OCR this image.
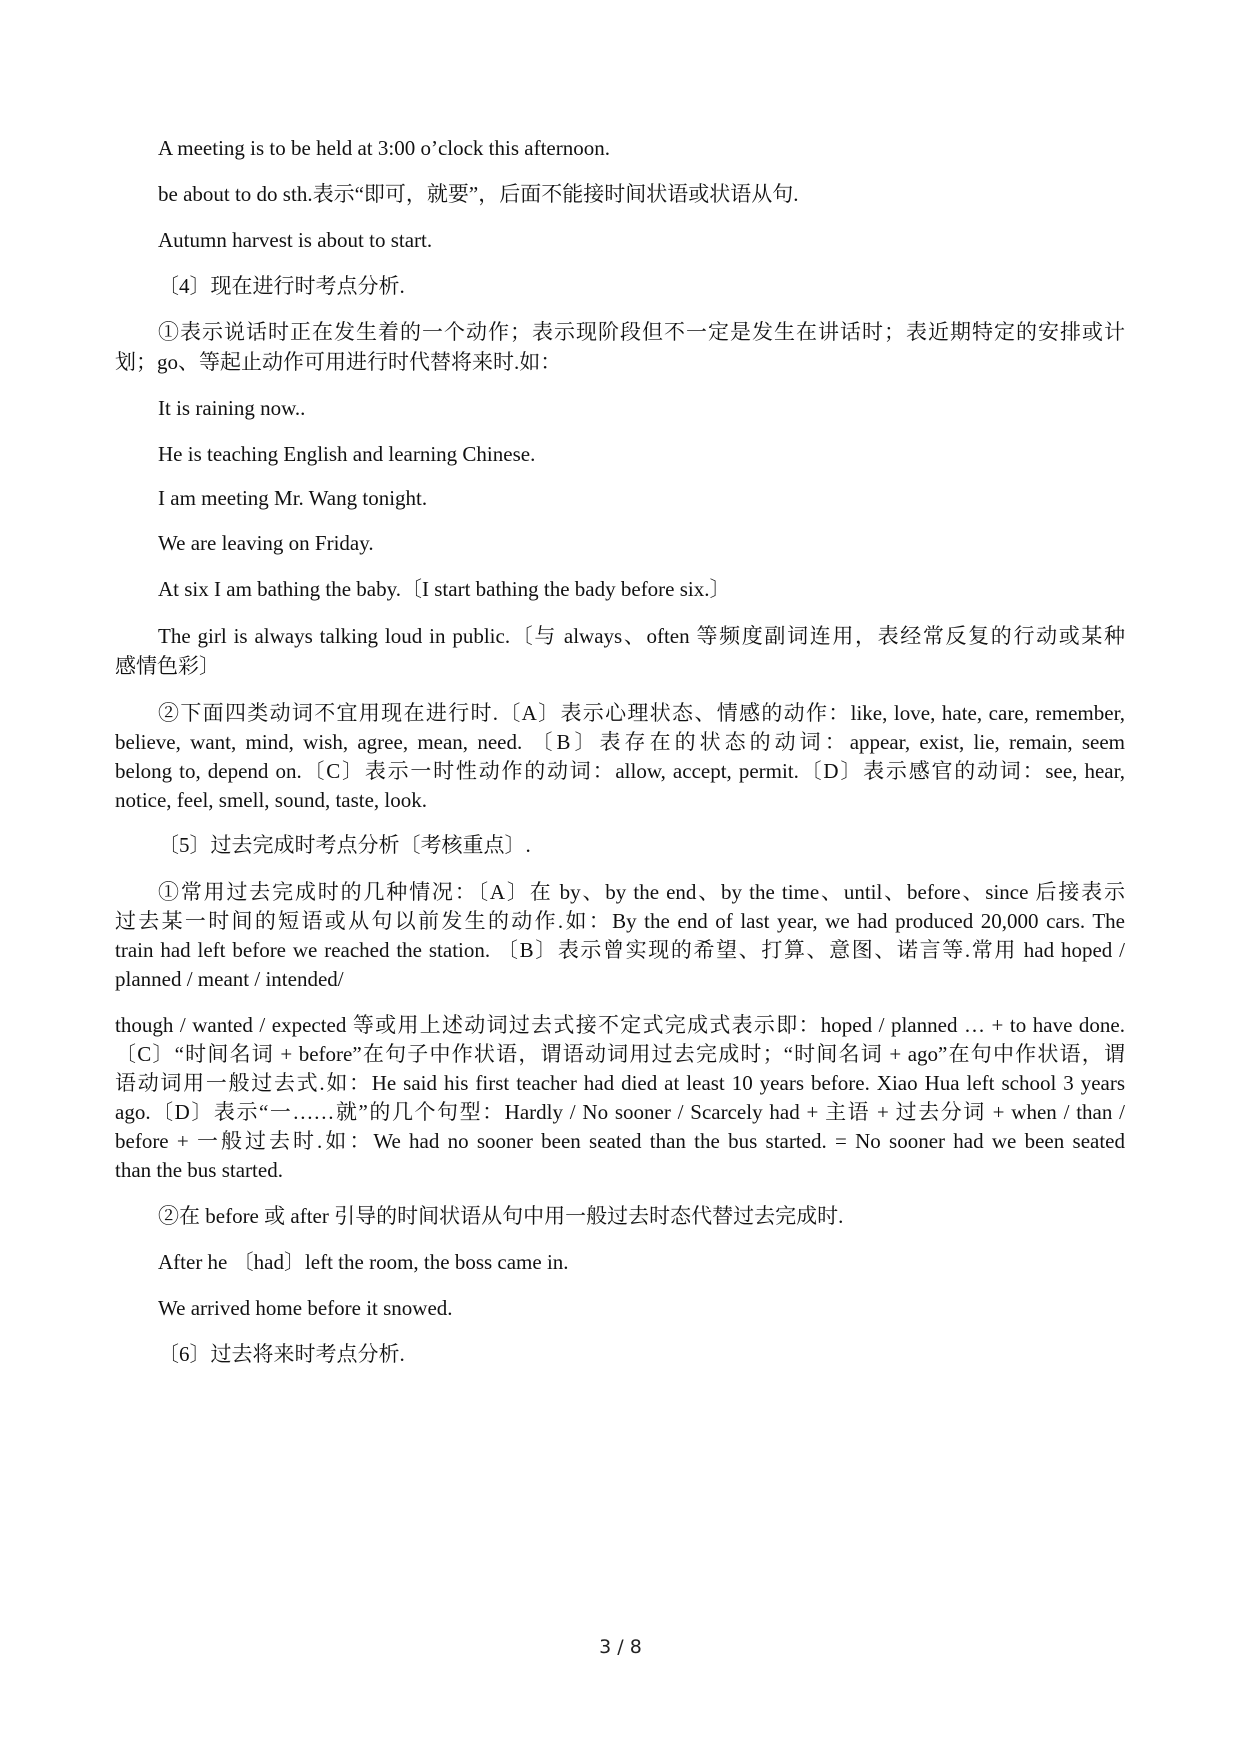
A meeting is to be held at 3:00 o’clock this afternoon.
be about to do sth.表示“即可，就要”，后面不能接时间状语或状语从句.
Autumn harvest is about to start.
〔4〕现在进行时考点分析.
①表示说话时正在发生着的一个动作；表示现阶段但不一定是发生在讲话时；表近期特定的安排或计
划；go、等起止动作可用进行时代替将来时.如：
It is raining now..
He is teaching English and learning Chinese.
I am meeting Mr. Wang tonight.
We are leaving on Friday.
At six I am bathing the baby.〔I start bathing the bady before six.〕
The girl is always talking loud in public.〔与 always、often 等频度副词连用，表经常反复的行动或某种
感情色彩〕
②下面四类动词不宜用现在进行时.〔A〕表示心理状态、情感的动作：like, love, hate, care, remember,
believe, want, mind, wish, agree, mean, need. 〔B〕表存在的状态的动词：appear, exist, lie, remain, seem
belong to, depend on.〔C〕表示一时性动作的动词：allow, accept, permit.〔D〕表示感官的动词：see, hear,
notice, feel, smell, sound, taste, look.
〔5〕过去完成时考点分析〔考核重点〕.
①常用过去完成时的几种情况：〔A〕在 by、by the end、by the time、until、before、since 后接表示
过去某一时间的短语或从句以前发生的动作.如：By the end of last year, we had produced 20,000 cars. The
train had left before we reached the station. 〔B〕表示曾实现的希望、打算、意图、诺言等.常用 had hoped /
planned / meant / intended/
though / wanted / expected 等或用上述动词过去式接不定式完成式表示即：hoped / planned … + to have done.
〔C〕“时间名词 + before”在句子中作状语，谓语动词用过去完成时；“时间名词 + ago”在句中作状语，谓
语动词用一般过去式.如：He said his first teacher had died at least 10 years before. Xiao Hua left school 3 years
ago.〔D〕表示“一……就”的几个句型：Hardly / No sooner / Scarcely had + 主语 + 过去分词 + when / than /
before + 一般过去时.如：We had no sooner been seated than the bus started. = No sooner had we been seated
than the bus started.
②在 before 或 after 引导的时间状语从句中用一般过去时态代替过去完成时.
After he 〔had〕left the room, the boss came in.
We arrived home before it snowed.
〔6〕过去将来时考点分析.
3 / 8
